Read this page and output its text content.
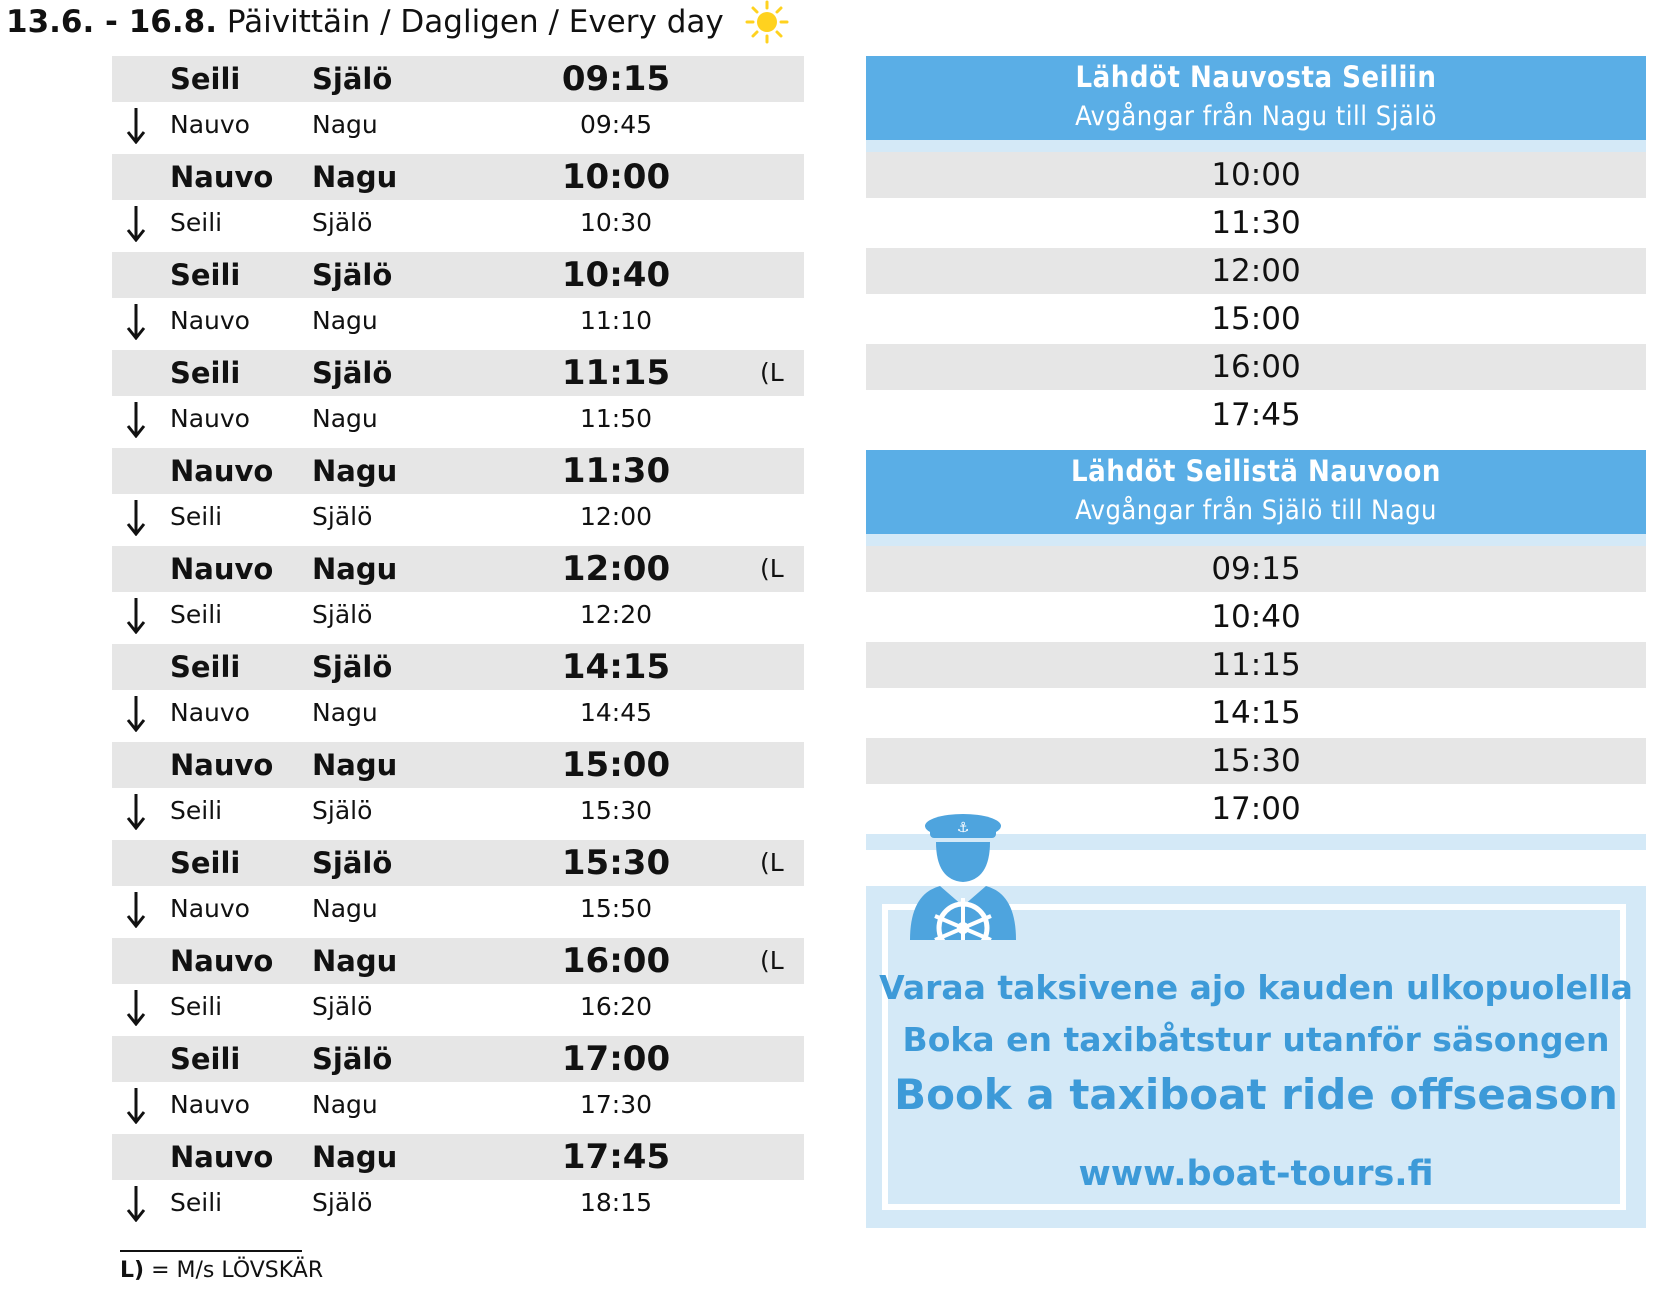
13.6. - 16.8. Päivittäin / Dagligen / Every day
Seili Själö	09:15
Nauvo Nagu	09:45
Nauvo Nagu	10:00
Seili	Själö	10:30
Seili Själö	10:40
Nauvo Nagu	11:10
Seili Själö	11:15	(L
Nauvo Nagu	11:50
Nauvo Nagu	11:30
Seili	Själö	12:00
Nauvo Nagu	12:00	(L
Seili	Själö	12:20
Seili Själö	14:15
Nauvo Nagu	14:45
Nauvo Nagu	15:00
Seili	Själö	15:30
Seili Själö	15:30	(L
Nauvo Nagu	15:50
Nauvo Nagu	16:00	(L
Seili	Själö	16:20
Seili Själö	17:00
Nauvo Nagu	17:30
Nauvo Nagu	17:45
Seili	Själö	18:15
L) = M/s LÖVSKÄR
Lähdöt Nauvosta Seiliin
Avgångar från Nagu till Själö
10:00
11:30
12:00
15:00
16:00
17:45
Lähdöt Seilistä Nauvoon
Avgångar från Själö till Nagu
09:15
10:40
11:15
14:15
15:30
17:00
⚓
Varaa taksivene ajo kauden ulkopuolella
Boka en taxibåtstur utanför säsongen
Book a taxiboat ride offseason
www.boat-tours.fi
